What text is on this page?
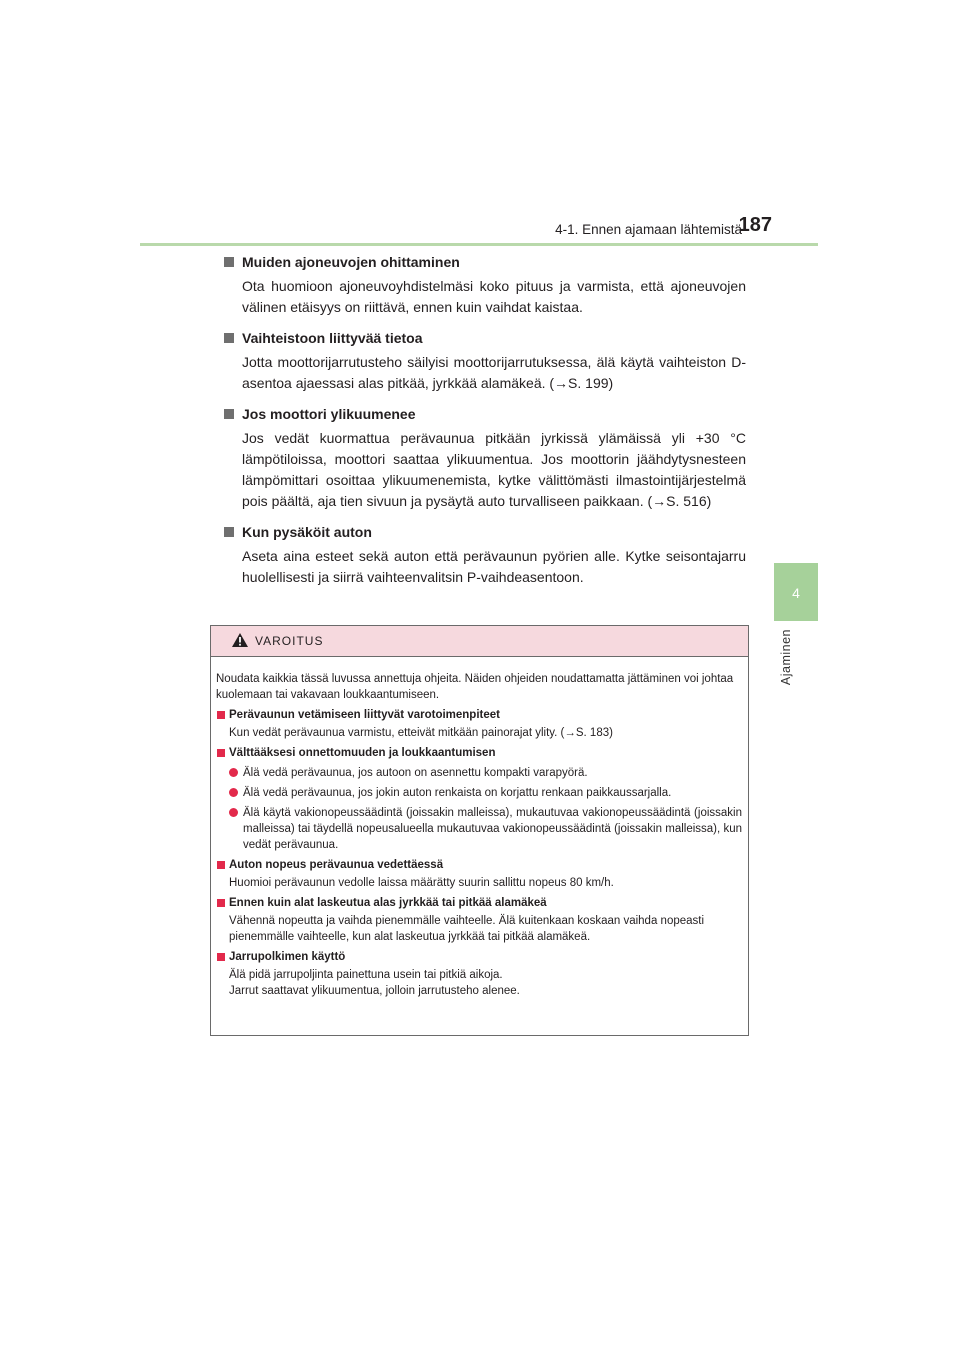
4-1. Ennen ajamaan lähtemistä
187
4
Ajaminen
Muiden ajoneuvojen ohittaminen

Ota huomioon ajoneuvoyhdistelmäsi koko pituus ja varmista, että ajoneuvojen välinen etäisyys on riittävä, ennen kuin vaihdat kaistaa.

Vaihteistoon liittyvää tietoa

Jotta moottorijarrutusteho säilyisi moottorijarrutuksessa, älä käytä vaihteiston D-asentoa ajaessasi alas pitkää, jyrkkää alamäkeä. (→S. 199)

Jos moottori ylikuumenee

Jos vedät kuormattua perävaunua pitkään jyrkissä ylämäissä yli +30 °C lämpötiloissa, moottori saattaa ylikuumentua. Jos moottorin jäähdytysnesteen lämpömittari osoittaa ylikuumenemista, kytke välittömästi ilmastointijärjestelmä pois päältä, aja tien sivuun ja pysäytä auto turvalliseen paikkaan. (→S. 516)

Kun pysäköit auton

Aseta aina esteet sekä auton että perävaunun pyörien alle. Kytke seisontajarru huolellisesti ja siirrä vaihteenvalitsin P-vaihdeasentoon.

VAROITUS
Noudata kaikkia tässä luvussa annettuja ohjeita. Näiden ohjeiden noudattamatta jättäminen voi johtaa kuolemaan tai vakavaan loukkaantumiseen.
Perävaunun vetämiseen liittyvät varotoimenpiteet
Kun vedät perävaunua varmistu, etteivät mitkään painorajat ylity. (→S. 183)
Välttääksesi onnettomuuden ja loukkaantumisen
Älä vedä perävaunua, jos autoon on asennettu kompakti varapyörä.
Älä vedä perävaunua, jos jokin auton renkaista on korjattu renkaan paikkaussarjalla.
Älä käytä vakionopeussäädintä (joissakin malleissa), mukautuvaa vakionopeussäädintä (joissakin malleissa) tai täydellä nopeusalueella mukautuvaa vakionopeussäädintä (joissakin malleissa), kun vedät perävaunua.
Auton nopeus perävaunua vedettäessä
Huomioi perävaunun vedolle laissa määrätty suurin sallittu nopeus 80 km/h.
Ennen kuin alat laskeutua alas jyrkkää tai pitkää alamäkeä
Vähennä nopeutta ja vaihda pienemmälle vaihteelle. Älä kuitenkaan koskaan vaihda nopeasti pienemmälle vaihteelle, kun alat laskeutua jyrkkää tai pitkää alamäkeä.
Jarrupolkimen käyttö
Älä pidä jarrupoljinta painettuna usein tai pitkiä aikoja.
Jarrut saattavat ylikuumentua, jolloin jarrutusteho alenee.
